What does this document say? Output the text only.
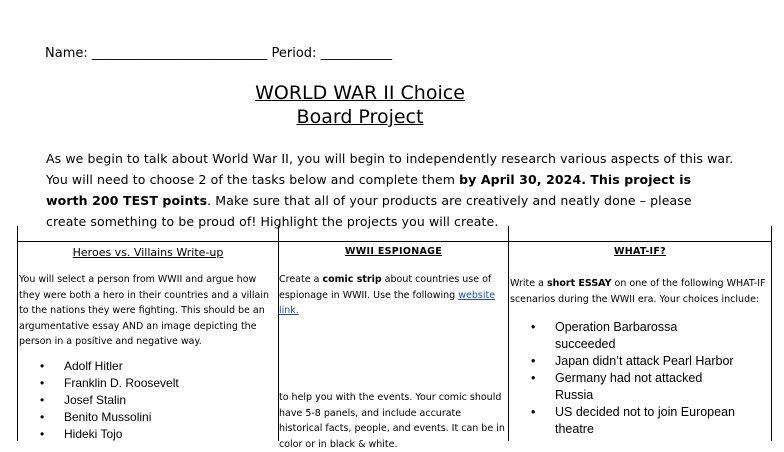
Name: ___________________________ Period: ___________
WORLD WAR II Choice
Board Project
As we begin to talk about World War II, you will begin to independently research various aspects of this war. You will need to choose 2 of the tasks below and complete them by April 30, 2024. This project is worth 200 TEST points. Make sure that all of your products are creatively and neatly done – please create something to be proud of! Highlight the projects you will create.
Heroes vs. Villains Write-up
You will select a person from WWII and argue how they were both a hero in their countries and a villain to the nations they were fighting. This should be an argumentative essay AND an image depicting the person in a positive and negative way.
• Adolf Hitler
• Franklin D. Roosevelt
• Josef Stalin
• Benito Mussolini
• Hideki Tojo
WWII ESPIONAGE
Create a comic strip about countries use of espionage in WWII. Use the following website link.
to help you with the events. Your comic should have 5-8 panels, and include accurate historical facts, people, and events. It can be in color or in black & white.
WHAT-IF?
Write a short ESSAY on one of the following WHAT-IF scenarios during the WWII era. Your choices include:
• Operation Barbarossa
succeeded
• Japan didn’t attack Pearl Harbor
• Germany had not attacked
Russia
• US decided not to join European
theatre
